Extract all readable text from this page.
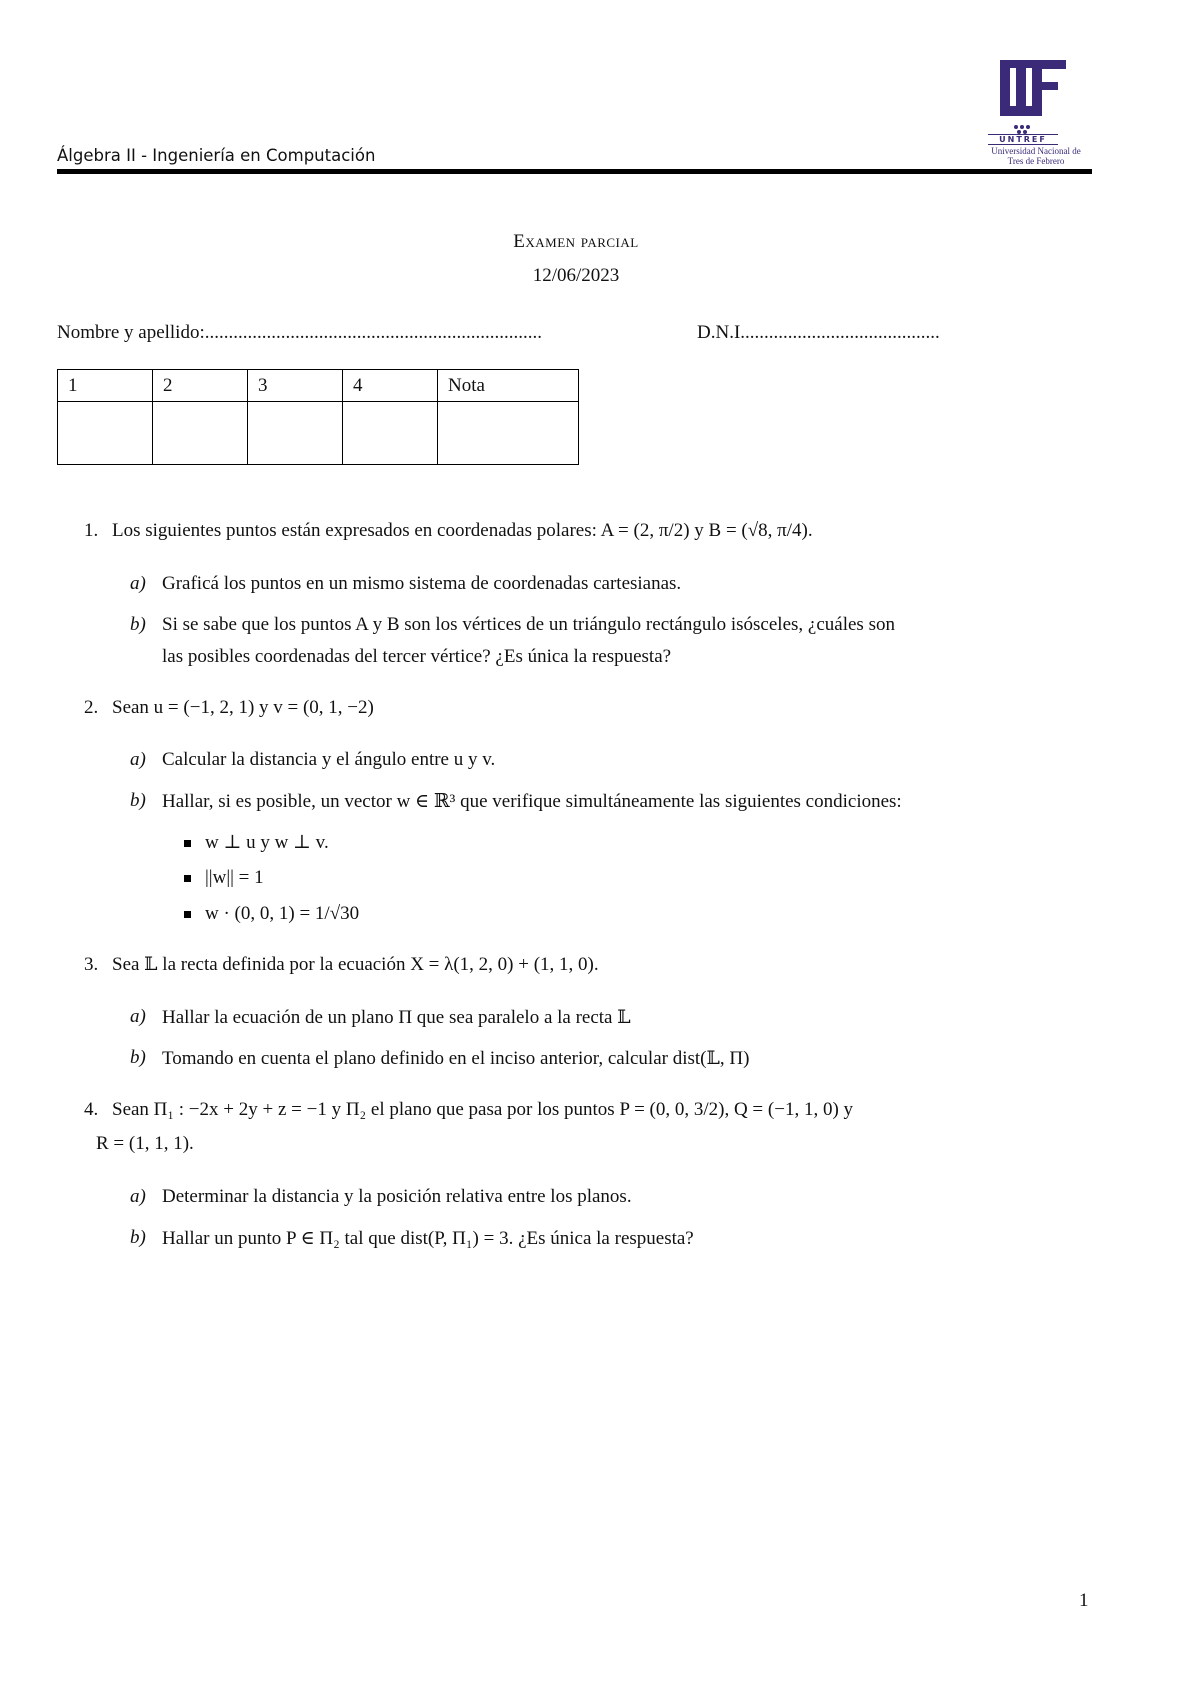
Álgebra II - Ingeniería en Computación
UNTREF
Universidad Nacional de
Tres de Febrero
Examen parcial
12/06/2023
Nombre y apellido:.......................................................................	D.N.I..........................................
1	2	3	4	Nota

1. Los siguientes puntos están expresados en coordenadas polares: A = (2, π/2) y B = (√8, π/4).
a) Graficá los puntos en un mismo sistema de coordenadas cartesianas.
b) Si se sabe que los puntos A y B son los vértices de un triángulo rectángulo isósceles, ¿cuáles son
las posibles coordenadas del tercer vértice? ¿Es única la respuesta?
2. Sean u = (−1, 2, 1) y v = (0, 1, −2)
a) Calcular la distancia y el ángulo entre u y v.
b) Hallar, si es posible, un vector w ∈ ℝ³ que verifique simultáneamente las siguientes condiciones:
w ⊥ u y w ⊥ v.
||w|| = 1
w · (0, 0, 1) = 1/√30
3. Sea 𝕃 la recta definida por la ecuación X = λ(1, 2, 0) + (1, 1, 0).
a) Hallar la ecuación de un plano Π que sea paralelo a la recta 𝕃
b) Tomando en cuenta el plano definido en el inciso anterior, calcular dist(𝕃, Π)
4. Sean Π₁ : −2x + 2y + z = −1 y Π₂ el plano que pasa por los puntos P = (0, 0, 3/2), Q = (−1, 1, 0) y
R = (1, 1, 1).
a) Determinar la distancia y la posición relativa entre los planos.
b) Hallar un punto P ∈ Π₂ tal que dist(P, Π₁) = 3. ¿Es única la respuesta?
1
